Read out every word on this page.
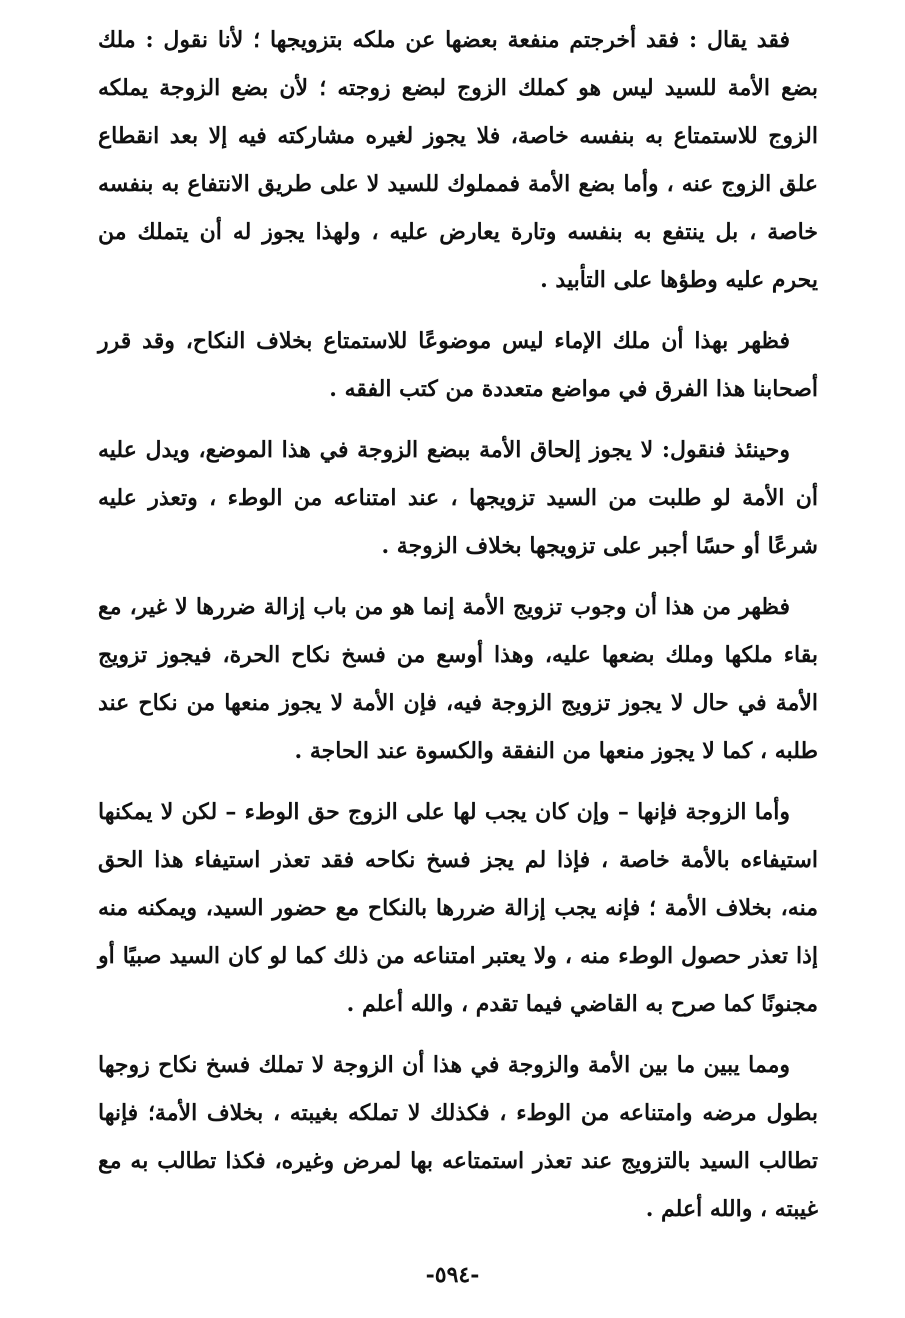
فقد يقال : فقد أخرجتم منفعة بعضها عن ملكه بتزويجها ؛ لأنا نقول : ملك بضع الأمة للسيد ليس هو كملك الزوج لبضع زوجته ؛ لأن بضع الزوجة يملكه الزوج للاستمتاع به بنفسه خاصة، فلا يجوز لغيره مشاركته فيه إلا بعد انقطاع علق الزوج عنه ، وأما بضع الأمة فمملوك للسيد لا على طريق الانتفاع به بنفسه خاصة ، بل ينتفع به بنفسه وتارة يعارض عليه ، ولهذا يجوز له أن يتملك من يحرم عليه وطؤها على التأبيد .

فظهر بهذا أن ملك الإماء ليس موضوعًا للاستمتاع بخلاف النكاح، وقد قرر أصحابنا هذا الفرق في مواضع متعددة من كتب الفقه .

وحينئذ فنقول: لا يجوز إلحاق الأمة ببضع الزوجة في هذا الموضع، ويدل عليه أن الأمة لو طلبت من السيد تزويجها ، عند امتناعه من الوطء ، وتعذر عليه شرعًا أو حسًا أجبر على تزويجها بخلاف الزوجة .

فظهر من هذا أن وجوب تزويج الأمة إنما هو من باب إزالة ضررها لا غير، مع بقاء ملكها وملك بضعها عليه، وهذا أوسع من فسخ نكاح الحرة، فيجوز تزويج الأمة في حال لا يجوز تزويج الزوجة فيه، فإن الأمة لا يجوز منعها من نكاح عند طلبه ، كما لا يجوز منعها من النفقة والكسوة عند الحاجة .

وأما الزوجة فإنها – وإن كان يجب لها على الزوج حق الوطء – لكن لا يمكنها استيفاءه بالأمة خاصة ، فإذا لم يجز فسخ نكاحه فقد تعذر استيفاء هذا الحق منه، بخلاف الأمة ؛ فإنه يجب إزالة ضررها بالنكاح مع حضور السيد، ويمكنه منه إذا تعذر حصول الوطء منه ، ولا يعتبر امتناعه من ذلك كما لو كان السيد صبيًا أو مجنونًا كما صرح به القاضي فيما تقدم ، والله أعلم .

ومما يبين ما بين الأمة والزوجة في هذا أن الزوجة لا تملك فسخ نكاح زوجها بطول مرضه وامتناعه من الوطء ، فكذلك لا تملكه بغيبته ، بخلاف الأمة؛ فإنها تطالب السيد بالتزويج عند تعذر استمتاعه بها لمرض وغيره، فكذا تطالب به مع غيبته ، والله أعلم .

-٥٩٤-
